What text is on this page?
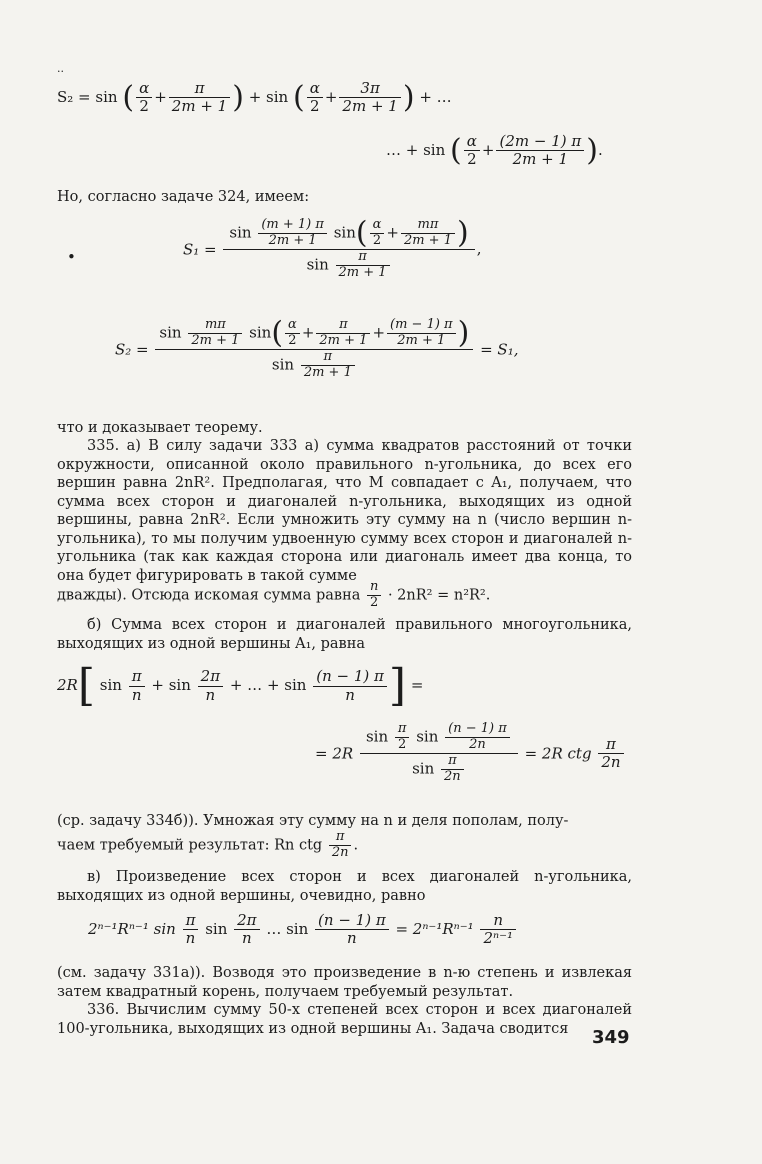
..
S₂ = sin ( $\frac{\alpha}{2} + \frac{\pi}{2m + 1}$ ) + sin ( $\frac{\alpha}{2} + \frac{3\pi}{2m + 1}$ ) + …
… + sin ( $\frac{\alpha}{2} + \frac{(2m - 1) \pi}{2m + 1}$ ).
Но, согласно задаче 324, имеем:
•	$S_1 = \frac{\sin \frac{(m + 1) \pi}{2m + 1} \sin( \frac{\alpha}{2} + \frac{m\pi}{2m + 1} )}{\sin \frac{\pi}{2m + 1}}$ ,
$S_2 = \frac{\sin \frac{m\pi}{2m + 1} \sin( \frac{\alpha}{2} + \frac{\pi}{2m + 1} + \frac{(m - 1) \pi}{2m + 1} )}{\sin \frac{\pi}{2m + 1}} = S_1$,
что и доказывает теорему.
335. а) В силу задачи 333 а) сумма квадратов расстояний от точки окружности, описанной около правильного n-угольника, до всех его вершин равна 2nR². Предполагая, что M совпадает с A₁, получаем, что сумма всех сторон и диагоналей n-угольника, выходящих из одной вершины, равна 2nR². Если умножить эту сумму на n (число вершин n-угольника), то мы получим удвоенную сумму всех сторон и диагоналей n-угольника (так как каждая сторона или диагональ имеет два конца, то она будет фигурировать в такой сумме
дважды). Отсюда искомая сумма равна $\frac{n}{2} \cdot 2nR^2 = n^2R^2$.
б) Сумма всех сторон и диагоналей правильного многоугольника, выходящих из одной вершины A₁, равна
2R[ $\sin \frac{\pi}{n} + \sin \frac{2\pi}{n}$ + … + $\sin \frac{(n - 1) \pi}{n}$ ] =
= $2R \frac{\sin \frac{\pi}{2} \sin \frac{(n - 1) \pi}{2n}}{\sin \frac{\pi}{2n}} = 2R$ ctg $\frac{\pi}{2n}$
(ср. задачу 334б)). Умножая эту сумму на n и деля пополам, полу-
чаем требуемый результат: Rn ctg $\frac{\pi}{2n}$ .
в) Произведение всех сторон и всех диагоналей n-угольника, выходящих из одной вершины, очевидно, равно
2ⁿ⁻¹Rⁿ⁻¹ $\sin \frac{\pi}{n}$ $\sin \frac{2\pi}{n}$ … $\sin \frac{(n - 1) \pi}{n} = 2^{n-1}R^{n-1} \frac{n}{\text{2ⁿ⁻¹}}$
(см. задачу 331а)). Возводя это произведение в n-ю степень и извлекая затем квадратный корень, получаем требуемый результат.
336. Вычислим сумму 50-х степеней всех сторон и всех диагоналей 100-угольника, выходящих из одной вершины A₁. Задача сводится	349
